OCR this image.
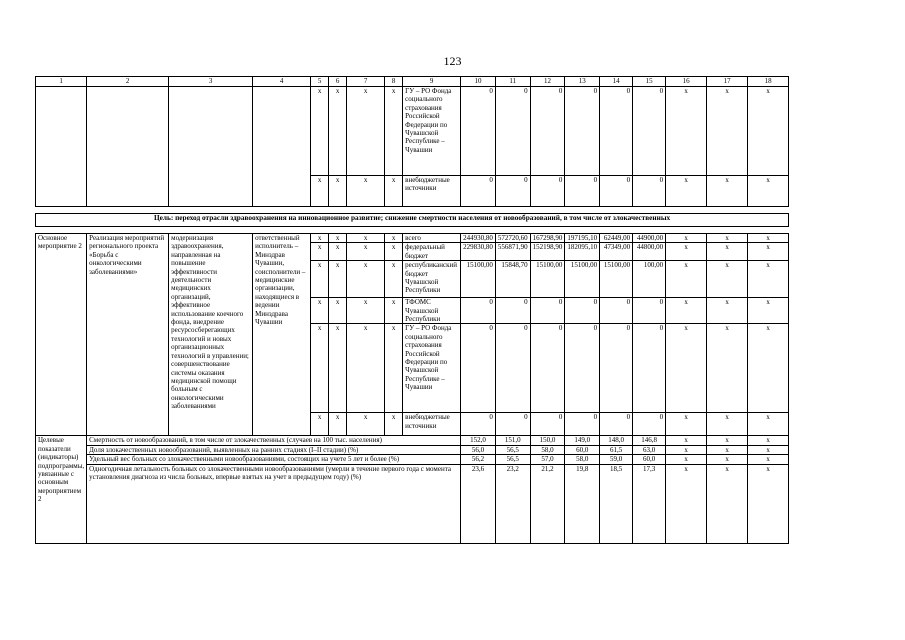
123
1	2	3	4	5	6	7	8	9	10	11	12	13	14	15	16	17	18
				x	x	x	x	ГУ – РО Фонда социального страхования Российской Федерации по Чувашской Республике – Чувашии	0	0	0	0	0	0	x	x	x
				x	x	x	x	внебюджетные источники	0	0	0	0	0	0	x	x	x

Цель: переход отрасли здравоохранения на инновационное развитие; снижение смертности населения от новообразований, в том числе от злокачественных																	

Основное мероприятие 2	Реализация мероприятий регионального проекта «Борьба с онкологическими заболеваниями»	модернизация здравоохранения, направленная на повышение эффективности деятельности медицинских организаций, эффективное использование коечного фонда, внедрение ресурсосберегающих технологий и новых организационных технологий в управлении; совершенствование системы оказания медицинской помощи больным с онкологическими заболеваниями	ответственный исполнитель – Минздрав Чувашии, соисполнители – медицинские организации, находящиеся в ведении Минздрава Чувашии	x	x	x	x	всего	244930,80	572720,60	167298,90	197195,10	62449,00	44900,00	x	x	x
				x	x	x	x	федеральный бюджет	229830,80	556871,90	152198,90	182095,10	47349,00	44800,00	x	x	x
				x	x	x	x	республиканский бюджет Чувашской Республики	15100,00	15848,70	15100,00	15100,00	15100,00	100,00	x	x	x
				x	x	x	x	ТФОМС Чувашской Республики	0	0	0	0	0	0	x	x	x
				x	x	x	x	ГУ – РО Фонда социального страхования Российской Федерации по Чувашской Республике – Чувашии	0	0	0	0	0	0	x	x	x
				x	x	x	x	внебюджетные источники	0	0	0	0	0	0	x	x	x
Целевые показатели (индикаторы) подпрограммы, увязанные с основным мероприятием 2	Смертность от новообразований, в том числе от злокачественных (случаев на 100 тыс. населения)								152,0	151,0	150,0	149,0	148,0	146,8	x	x	x
	Доля злокачественных новообразований, выявленных на ранних стадиях (I–II стадии) (%)								56,0	56,5	58,0	60,0	61,5	63,0	x	x	x
	Удельный вес больных со злокачественными новообразованиями, состоящих на учете 5 лет и более (%)								56,2	56,5	57,0	58,0	59,0	60,0	x	x	x
	Одногодичная летальность больных со злокачественными новообразованиями (умерли в течение первого года с момента установления диагноза из числа больных, впервые взятых на учет в предыдущем году) (%)								23,6	23,2	21,2	19,8	18,5	17,3	x	x	x
